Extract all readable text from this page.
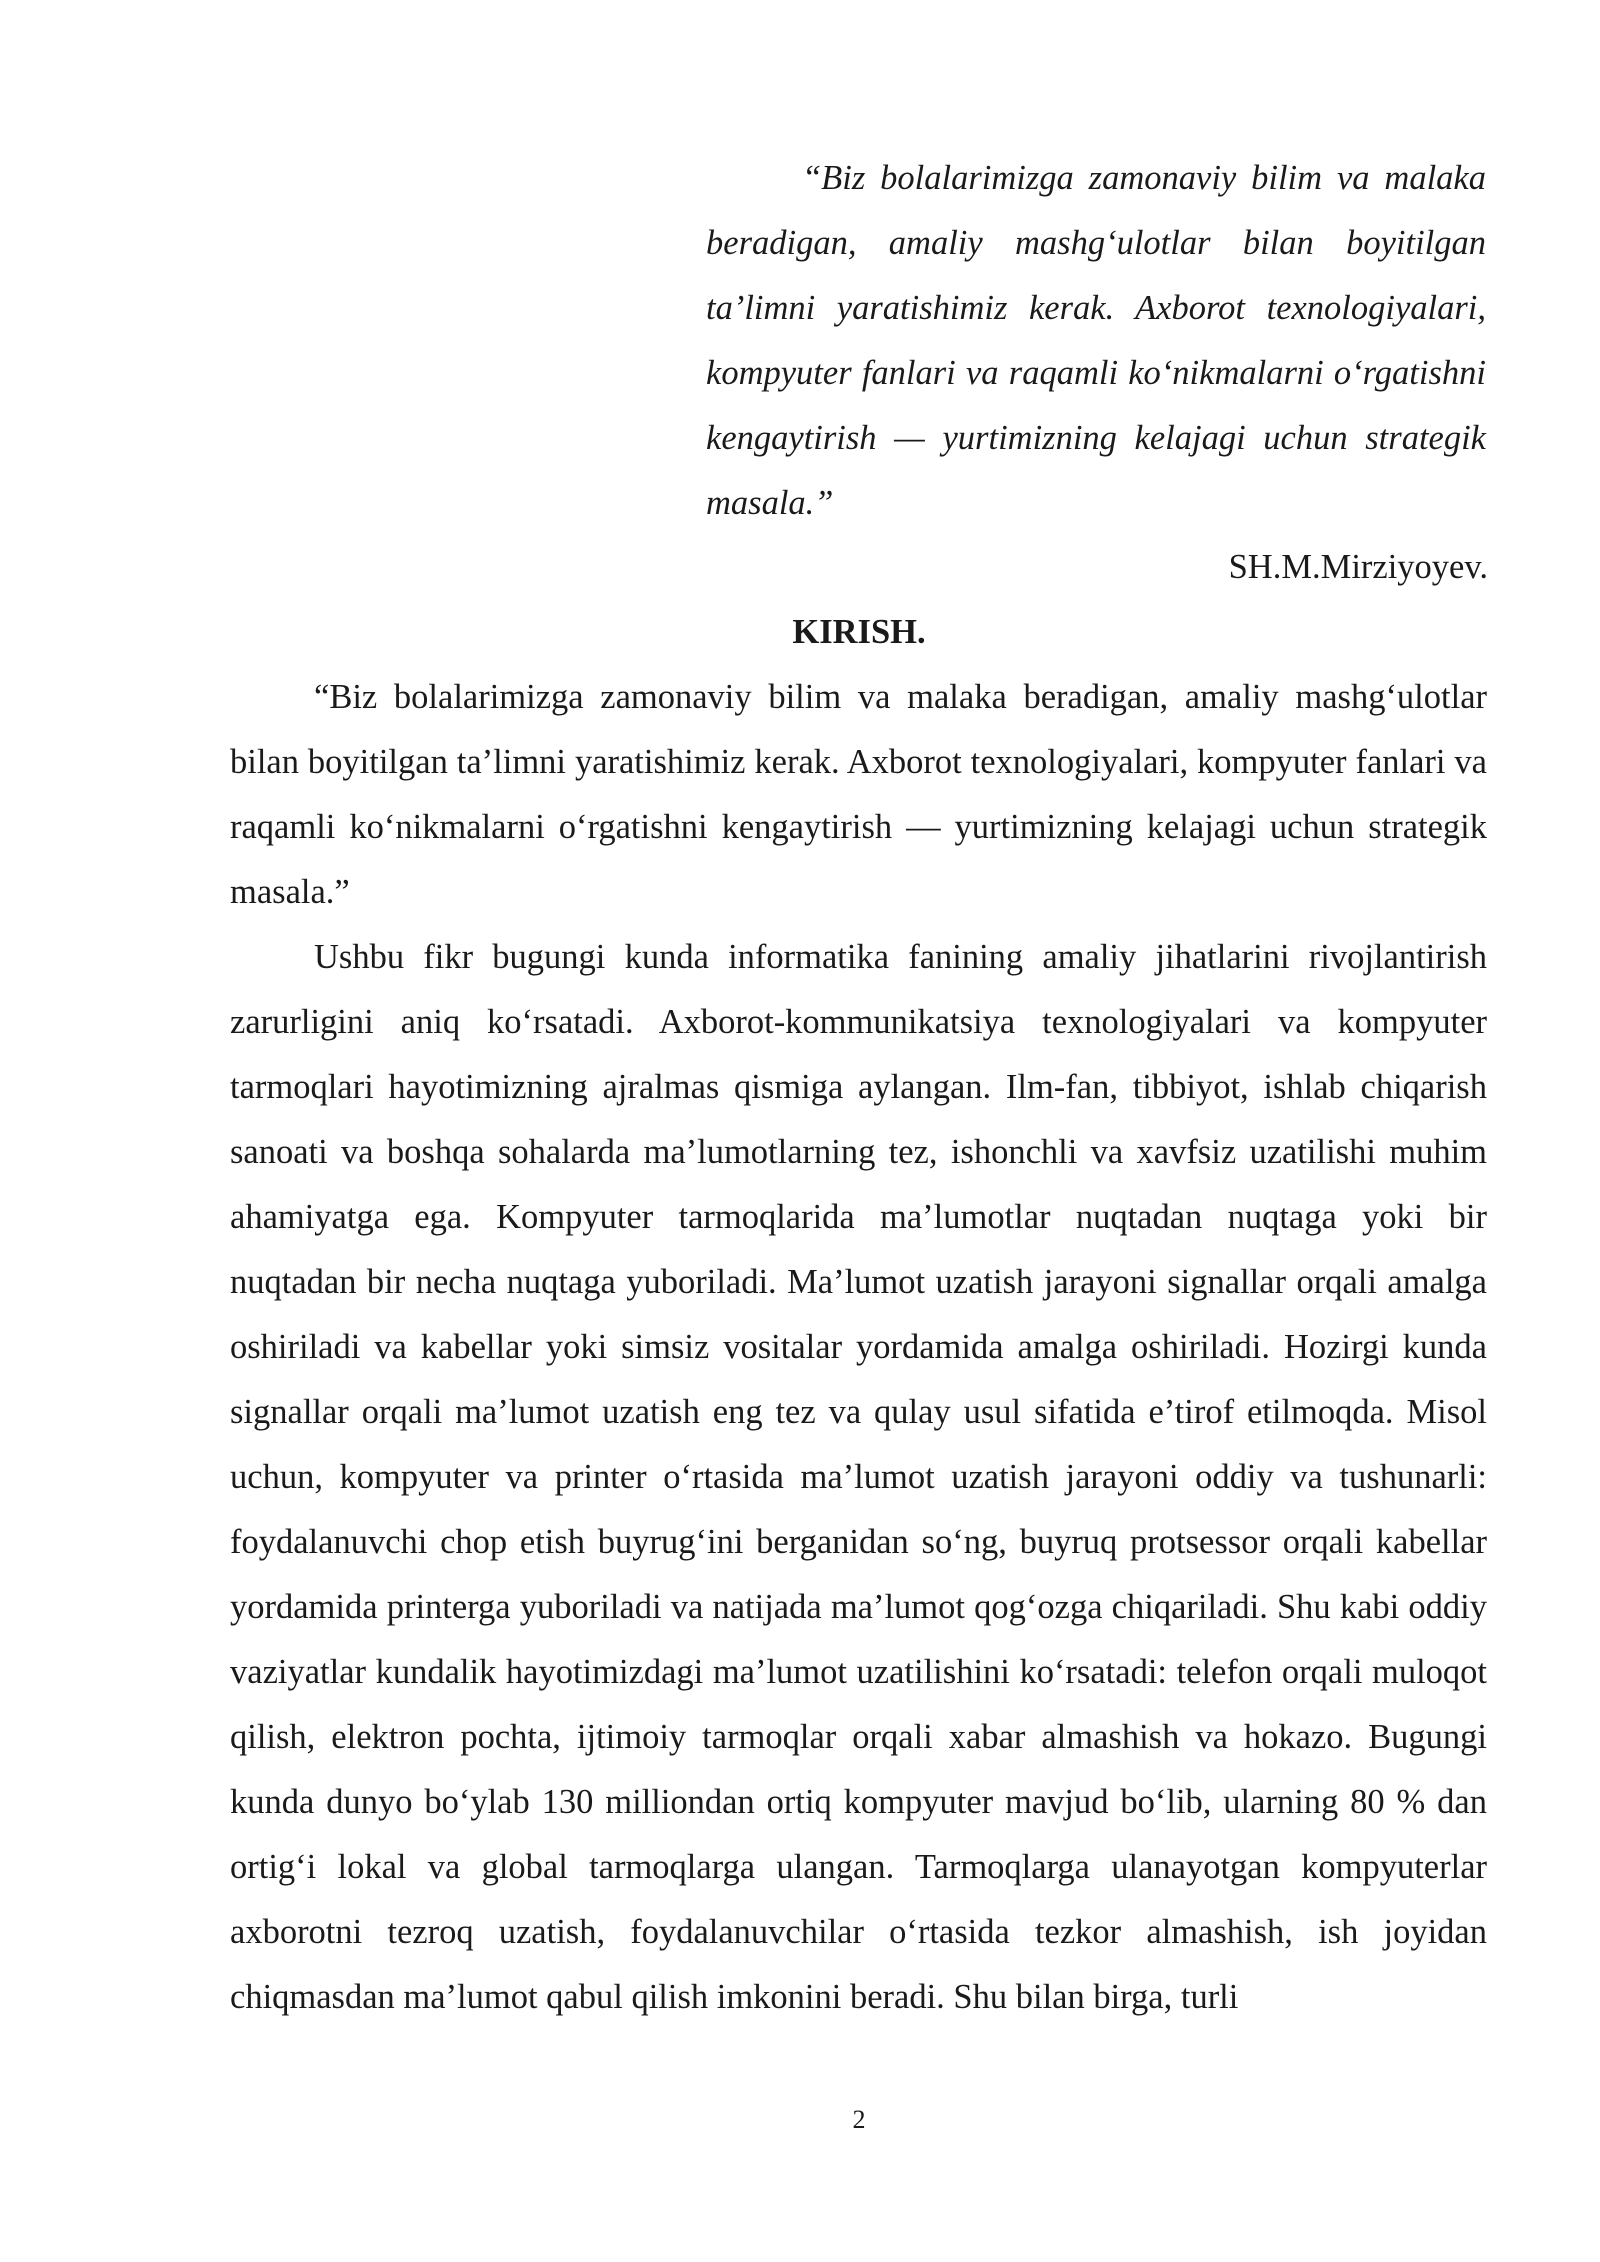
“Biz bolalarimizga zamonaviy bilim va malaka beradigan, amaliy mashg‘ulotlar bilan boyitilgan ta’limni yaratishimiz kerak. Axborot texnologiyalari, kompyuter fanlari va raqamli ko‘nikmalarni o‘rgatishni kengaytirish — yurtimizning kelajagi uchun strategik masala.”

SH.M.Mirziyoyev.

KIRISH.

“Biz bolalarimizga zamonaviy bilim va malaka beradigan, amaliy mashg‘ulotlar bilan boyitilgan ta’limni yaratishimiz kerak. Axborot texnologiyalari, kompyuter fanlari va raqamli ko‘nikmalarni o‘rgatishni kengaytirish — yurtimizning kelajagi uchun strategik masala.”

Ushbu fikr bugungi kunda informatika fanining amaliy jihatlarini rivojlantirish zarurligini aniq ko‘rsatadi. Axborot-kommunikatsiya texnologiyalari va kompyuter tarmoqlari hayotimizning ajralmas qismiga aylangan. Ilm-fan, tibbiyot, ishlab chiqarish sanoati va boshqa sohalarda ma’lumotlarning tez, ishonchli va xavfsiz uzatilishi muhim ahamiyatga ega. Kompyuter tarmoqlarida ma’lumotlar nuqtadan nuqtaga yoki bir nuqtadan bir necha nuqtaga yuboriladi. Ma’lumot uzatish jarayoni signallar orqali amalga oshiriladi va kabellar yoki simsiz vositalar yordamida amalga oshiriladi. Hozirgi kunda signallar orqali ma’lumot uzatish eng tez va qulay usul sifatida e’tirof etilmoqda. Misol uchun, kompyuter va printer o‘rtasida ma’lumot uzatish jarayoni oddiy va tushunarli: foydalanuvchi chop etish buyrug‘ini berganidan so‘ng, buyruq protsessor orqali kabellar yordamida printerga yuboriladi va natijada ma’lumot qog‘ozga chiqariladi. Shu kabi oddiy vaziyatlar kundalik hayotimizdagi ma’lumot uzatilishini ko‘rsatadi: telefon orqali muloqot qilish, elektron pochta, ijtimoiy tarmoqlar orqali xabar almashish va hokazo. Bugungi kunda dunyo bo‘ylab 130 milliondan ortiq kompyuter mavjud bo‘lib, ularning 80 % dan ortig‘i lokal va global tarmoqlarga ulangan. Tarmoqlarga ulanayotgan kompyuterlar axborotni tezroq uzatish, foydalanuvchilar o‘rtasida tezkor almashish, ish joyidan chiqmasdan ma’lumot qabul qilish imkonini beradi. Shu bilan birga, turli

2
